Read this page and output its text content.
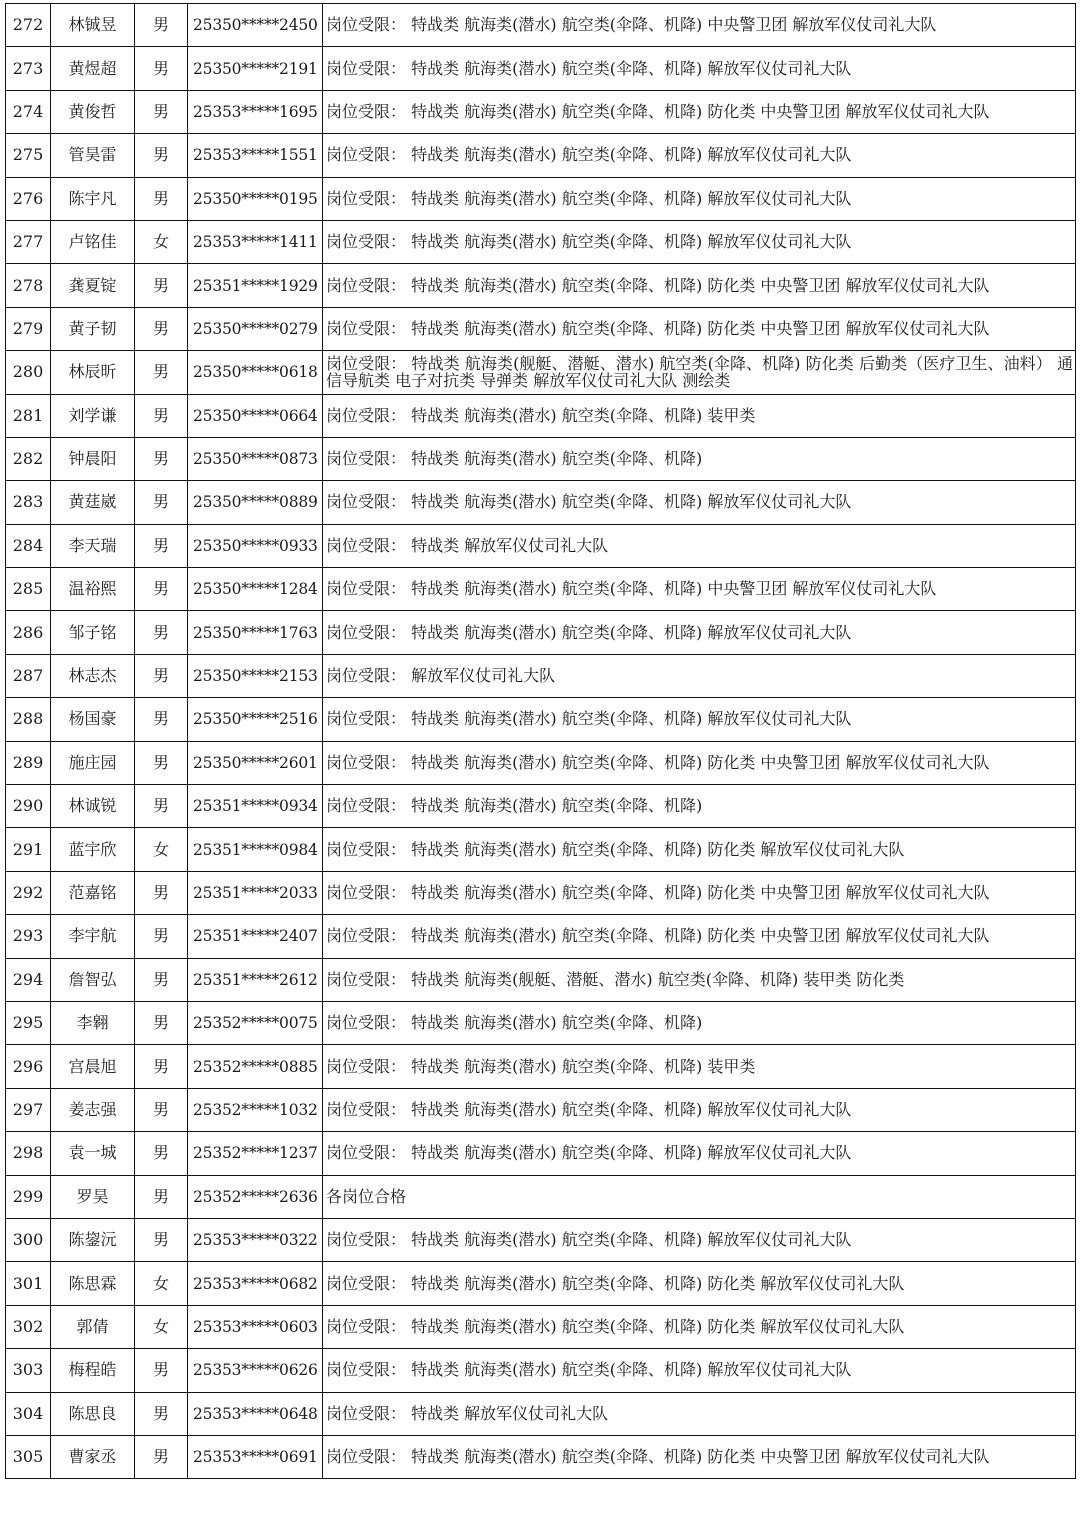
272	林铖昱	男	25350*****2450	岗位受限： 特战类 航海类(潜水) 航空类(伞降、机降) 中央警卫团 解放军仪仗司礼大队
273	黄煜超	男	25350*****2191	岗位受限： 特战类 航海类(潜水) 航空类(伞降、机降) 解放军仪仗司礼大队
274	黄俊哲	男	25353*****1695	岗位受限： 特战类 航海类(潜水) 航空类(伞降、机降) 防化类 中央警卫团 解放军仪仗司礼大队
275	管昊雷	男	25353*****1551	岗位受限： 特战类 航海类(潜水) 航空类(伞降、机降) 解放军仪仗司礼大队
276	陈宇凡	男	25350*****0195	岗位受限： 特战类 航海类(潜水) 航空类(伞降、机降) 解放军仪仗司礼大队
277	卢铭佳	女	25353*****1411	岗位受限： 特战类 航海类(潜水) 航空类(伞降、机降) 解放军仪仗司礼大队
278	龚夏锭	男	25351*****1929	岗位受限： 特战类 航海类(潜水) 航空类(伞降、机降) 防化类 中央警卫团 解放军仪仗司礼大队
279	黄子韧	男	25350*****0279	岗位受限： 特战类 航海类(潜水) 航空类(伞降、机降) 防化类 中央警卫团 解放军仪仗司礼大队
280	林辰昕	男	25350*****0618	岗位受限： 特战类 航海类(舰艇、潜艇、潜水) 航空类(伞降、机降) 防化类 后勤类（医疗卫生、油料） 通信导航类 电子对抗类 导弹类 解放军仪仗司礼大队 测绘类
281	刘学谦	男	25350*****0664	岗位受限： 特战类 航海类(潜水) 航空类(伞降、机降) 装甲类
282	钟晨阳	男	25350*****0873	岗位受限： 特战类 航海类(潜水) 航空类(伞降、机降)
283	黄莛崴	男	25350*****0889	岗位受限： 特战类 航海类(潜水) 航空类(伞降、机降) 解放军仪仗司礼大队
284	李天瑞	男	25350*****0933	岗位受限： 特战类 解放军仪仗司礼大队
285	温裕熙	男	25350*****1284	岗位受限： 特战类 航海类(潜水) 航空类(伞降、机降) 中央警卫团 解放军仪仗司礼大队
286	邹子铭	男	25350*****1763	岗位受限： 特战类 航海类(潜水) 航空类(伞降、机降) 解放军仪仗司礼大队
287	林志杰	男	25350*****2153	岗位受限： 解放军仪仗司礼大队
288	杨国豪	男	25350*****2516	岗位受限： 特战类 航海类(潜水) 航空类(伞降、机降) 解放军仪仗司礼大队
289	施庄园	男	25350*****2601	岗位受限： 特战类 航海类(潜水) 航空类(伞降、机降) 防化类 中央警卫团 解放军仪仗司礼大队
290	林诚锐	男	25351*****0934	岗位受限： 特战类 航海类(潜水) 航空类(伞降、机降)
291	蓝宇欣	女	25351*****0984	岗位受限： 特战类 航海类(潜水) 航空类(伞降、机降) 防化类 解放军仪仗司礼大队
292	范嘉铭	男	25351*****2033	岗位受限： 特战类 航海类(潜水) 航空类(伞降、机降) 防化类 中央警卫团 解放军仪仗司礼大队
293	李宇航	男	25351*****2407	岗位受限： 特战类 航海类(潜水) 航空类(伞降、机降) 防化类 中央警卫团 解放军仪仗司礼大队
294	詹智弘	男	25351*****2612	岗位受限： 特战类 航海类(舰艇、潜艇、潜水) 航空类(伞降、机降) 装甲类 防化类
295	李翱	男	25352*****0075	岗位受限： 特战类 航海类(潜水) 航空类(伞降、机降)
296	宫晨旭	男	25352*****0885	岗位受限： 特战类 航海类(潜水) 航空类(伞降、机降) 装甲类
297	姜志强	男	25352*****1032	岗位受限： 特战类 航海类(潜水) 航空类(伞降、机降) 解放军仪仗司礼大队
298	袁一城	男	25352*****1237	岗位受限： 特战类 航海类(潜水) 航空类(伞降、机降) 解放军仪仗司礼大队
299	罗昊	男	25352*****2636	各岗位合格
300	陈鋆沅	男	25353*****0322	岗位受限： 特战类 航海类(潜水) 航空类(伞降、机降) 解放军仪仗司礼大队
301	陈思霖	女	25353*****0682	岗位受限： 特战类 航海类(潜水) 航空类(伞降、机降) 防化类 解放军仪仗司礼大队
302	郭倩	女	25353*****0603	岗位受限： 特战类 航海类(潜水) 航空类(伞降、机降) 防化类 解放军仪仗司礼大队
303	梅程皓	男	25353*****0626	岗位受限： 特战类 航海类(潜水) 航空类(伞降、机降) 解放军仪仗司礼大队
304	陈思良	男	25353*****0648	岗位受限： 特战类 解放军仪仗司礼大队
305	曹家丞	男	25353*****0691	岗位受限： 特战类 航海类(潜水) 航空类(伞降、机降) 防化类 中央警卫团 解放军仪仗司礼大队
